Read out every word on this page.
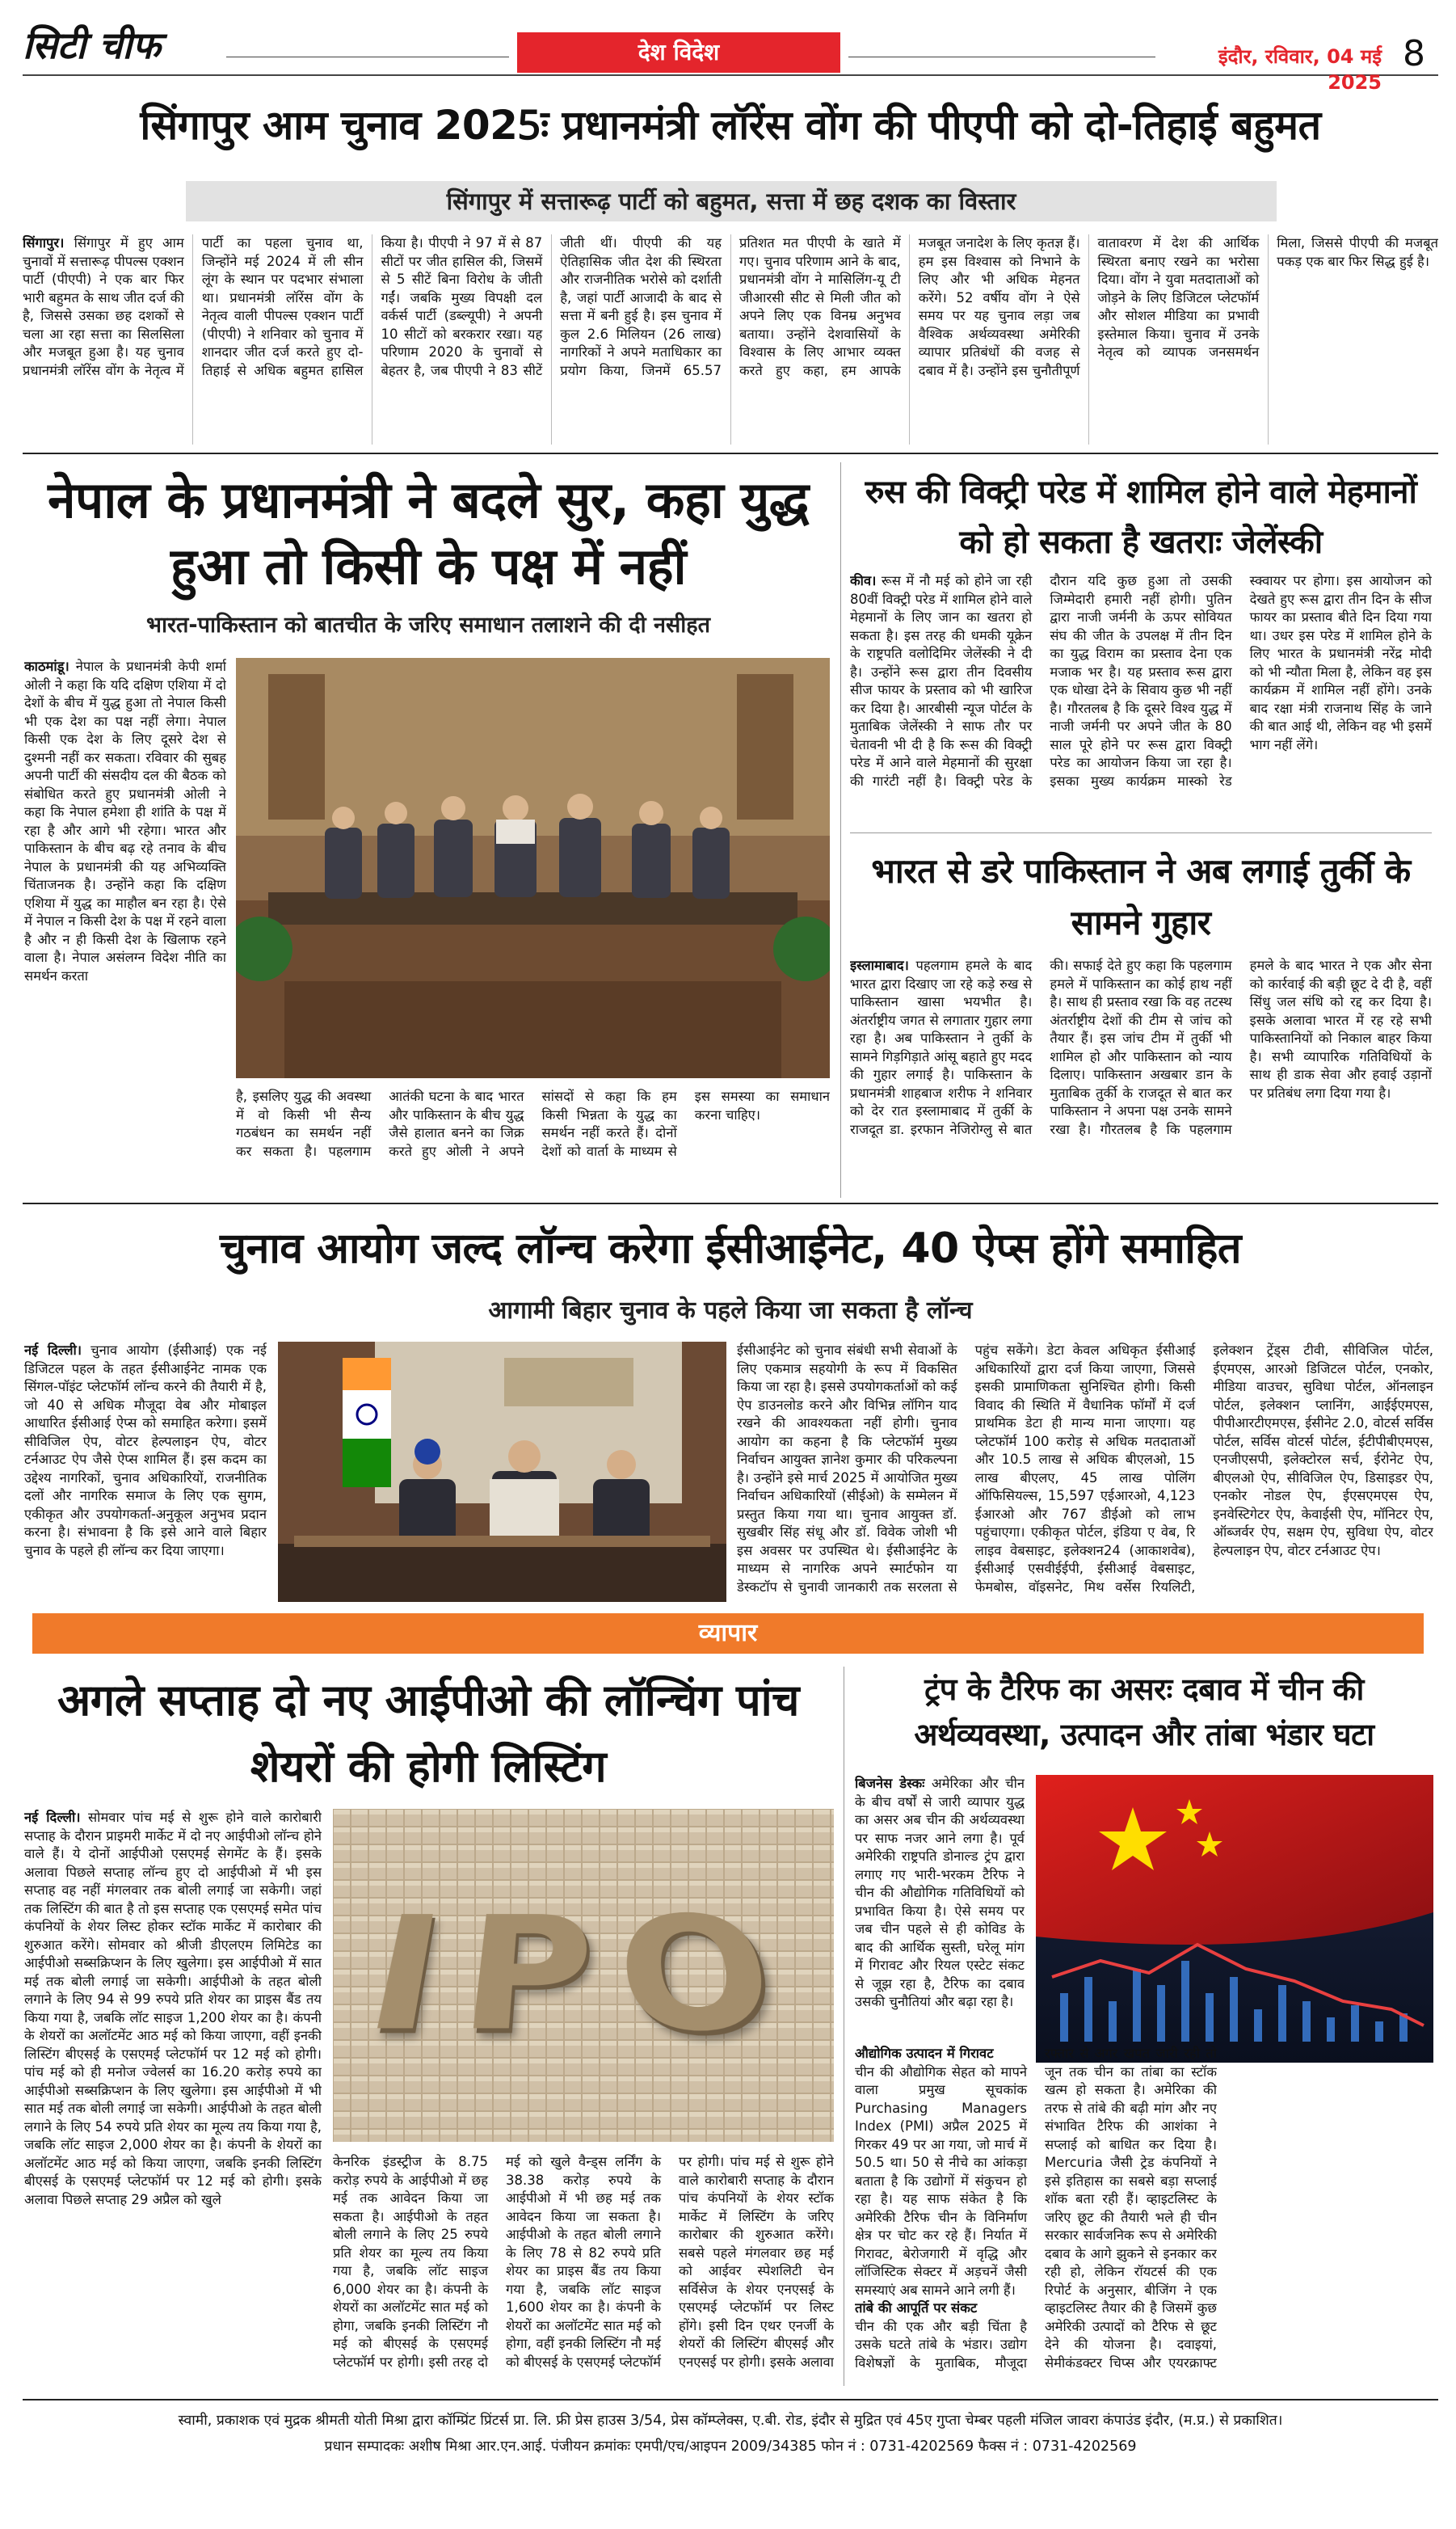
सिटी चीफ	देश विदेश	इंदौर, रविवार, 04 मई 2025
8
सिंगापुर आम चुनाव 2025ः प्रधानमंत्री लॉरेंस वोंग की पीएपी को दो-तिहाई बहुमत
सिंगापुर में सत्तारूढ़ पार्टी को बहुमत, सत्ता में छह दशक का विस्तार
सिंगापुर। सिंगापुर में हुए आम चुनावों में सत्तारूढ़ पीपल्स एक्शन पार्टी (पीएपी) ने एक बार फिर भारी बहुमत के साथ जीत दर्ज की है, जिससे उसका छह दशकों से चला आ रहा सत्ता का सिलसिला और मजबूत हुआ है। यह चुनाव प्रधानमंत्री लॉरेंस वोंग के नेतृत्व में पार्टी का पहला चुनाव था, जिन्होंने मई 2024 में ली सीन लूंग के स्थान पर पदभार संभाला था। प्रधानमंत्री लॉरेंस वोंग के नेतृत्व वाली पीपल्स एक्शन पार्टी (पीएपी) ने शनिवार को चुनाव में शानदार जीत दर्ज करते हुए दो-तिहाई से अधिक बहुमत हासिल किया है। पीएपी ने 97 में से 87 सीटों पर जीत हासिल की, जिसमें से 5 सीटें बिना विरोध के जीती गईं। जबकि मुख्य विपक्षी दल वर्कर्स पार्टी (डब्ल्यूपी) ने अपनी 10 सीटों को बरकरार रखा। यह परिणाम 2020 के चुनावों से बेहतर है, जब पीएपी ने 83 सीटें जीती थीं। पीएपी की यह ऐतिहासिक जीत देश की स्थिरता और राजनीतिक भरोसे को दर्शाती है, जहां पार्टी आजादी के बाद से सत्ता में बनी हुई है। इस चुनाव में कुल 2.6 मिलियन (26 लाख) नागरिकों ने अपने मताधिकार का प्रयोग किया, जिनमें 65.57 प्रतिशत मत पीएपी के खाते में गए। चुनाव परिणाम आने के बाद, प्रधानमंत्री वोंग ने मासिलिंग-यू टी जीआरसी सीट से मिली जीत को अपने लिए एक विनम्र अनुभव बताया। उन्होंने देशवासियों के विश्वास के लिए आभार व्यक्त करते हुए कहा, हम आपके मजबूत जनादेश के लिए कृतज्ञ हैं। हम इस विश्वास को निभाने के लिए और भी अधिक मेहनत करेंगे। 52 वर्षीय वोंग ने ऐसे समय पर यह चुनाव लड़ा जब वैश्विक अर्थव्यवस्था अमेरिकी व्यापार प्रतिबंधों की वजह से दबाव में है। उन्होंने इस चुनौतीपूर्ण वातावरण में देश की आर्थिक स्थिरता बनाए रखने का भरोसा दिया। वोंग ने युवा मतदाताओं को जोड़ने के लिए डिजिटल प्लेटफॉर्म और सोशल मीडिया का प्रभावी इस्तेमाल किया। चुनाव में उनके नेतृत्व को व्यापक जनसमर्थन मिला, जिससे पीएपी की मजबूत पकड़ एक बार फिर सिद्ध हुई है।
नेपाल के प्रधानमंत्री ने बदले सुर, कहा युद्ध हुआ तो किसी के पक्ष में नहीं
भारत-पाकिस्तान को बातचीत के जरिए समाधान तलाशने की दी नसीहत
काठमांडू। नेपाल के प्रधानमंत्री केपी शर्मा ओली ने कहा कि यदि दक्षिण एशिया में दो देशों के बीच में युद्ध हुआ तो नेपाल किसी भी एक देश का पक्ष नहीं लेगा। नेपाल किसी एक देश के लिए दूसरे देश से दुश्मनी नहीं कर सकता। रविवार की सुबह अपनी पार्टी की संसदीय दल की बैठक को संबोधित करते हुए प्रधानमंत्री ओली ने कहा कि नेपाल हमेशा ही शांति के पक्ष में रहा है और आगे भी रहेगा। भारत और पाकिस्तान के बीच बढ़ रहे तनाव के बीच नेपाल के प्रधानमंत्री की यह अभिव्यक्ति चिंताजनक है। उन्होंने कहा कि दक्षिण एशिया में युद्ध का माहौल बन रहा है। ऐसे में नेपाल न किसी देश के पक्ष में रहने वाला है और न ही किसी देश के खिलाफ रहने वाला है। नेपाल असंलग्न विदेश नीति का समर्थन करता
है, इसलिए युद्ध की अवस्था में वो किसी भी सैन्य गठबंधन का समर्थन नहीं कर सकता है। पहलगाम आतंकी घटना के बाद भारत और पाकिस्तान के बीच युद्ध जैसे हालात बनने का जिक्र करते हुए ओली ने अपने सांसदों से कहा कि हम किसी भिन्नता के युद्ध का समर्थन नहीं करते हैं। दोनों देशों को वार्ता के माध्यम से इस समस्या का समाधान करना चाहिए।
रुस की विक्ट्री परेड में शामिल होने वाले मेहमानों को हो सकता है खतराः जेलेंस्की
कीव। रूस में नौ मई को होने जा रही 80वीं विक्ट्री परेड में शामिल होने वाले मेहमानों के लिए जान का खतरा हो सकता है। इस तरह की धमकी यूक्रेन के राष्ट्रपति वलोदिमिर जेलेंस्की ने दी है। उन्होंने रूस द्वारा तीन दिवसीय सीज फायर के प्रस्ताव को भी खारिज कर दिया है। आरबीसी न्यूज पोर्टल के मुताबिक जेलेंस्की ने साफ तौर पर चेतावनी भी दी है कि रूस की विक्ट्री परेड में आने वाले मेहमानों की सुरक्षा की गारंटी नहीं है। विक्ट्री परेड के दौरान यदि कुछ हुआ तो उसकी जिम्मेदारी हमारी नहीं होगी। पुतिन द्वारा नाजी जर्मनी के ऊपर सोवियत संघ की जीत के उपलक्ष में तीन दिन का युद्ध विराम का प्रस्ताव देना एक मजाक भर है। यह प्रस्ताव रूस द्वारा एक धोखा देने के सिवाय कुछ भी नहीं है। गौरतलब है कि दूसरे विश्व युद्ध में नाजी जर्मनी पर अपने जीत के 80 साल पूरे होने पर रूस द्वारा विक्ट्री परेड का आयोजन किया जा रहा है। इसका मुख्य कार्यक्रम मास्को रेड स्क्वायर पर होगा। इस आयोजन को देखते हुए रूस द्वारा तीन दिन के सीज फायर का प्रस्ताव बीते दिन दिया गया था। उधर इस परेड में शामिल होने के लिए भारत के प्रधानमंत्री नरेंद्र मोदी को भी न्यौता मिला है, लेकिन वह इस कार्यक्रम में शामिल नहीं होंगे। उनके बाद रक्षा मंत्री राजनाथ सिंह के जाने की बात आई थी, लेकिन वह भी इसमें भाग नहीं लेंगे।
भारत से डरे पाकिस्तान ने अब लगाई तुर्की के सामने गुहार
इस्लामाबाद। पहलगाम हमले के बाद भारत द्वारा दिखाए जा रहे कड़े रुख से पाकिस्तान खासा भयभीत है। अंतर्राष्ट्रीय जगत से लगातार गुहार लगा रहा है। अब पाकिस्तान ने तुर्की के सामने गिड़गिड़ाते आंसू बहाते हुए मदद की गुहार लगाई है। पाकिस्तान के प्रधानमंत्री शाहबाज शरीफ ने शनिवार को देर रात इस्लामाबाद में तुर्की के राजदूत डा. इरफान नेजिरोग्लु से बात की। सफाई देते हुए कहा कि पहलगाम हमले में पाकिस्तान का कोई हाथ नहीं है। साथ ही प्रस्ताव रखा कि वह तटस्थ अंतर्राष्ट्रीय देशों की टीम से जांच को तैयार हैं। इस जांच टीम में तुर्की भी शामिल हो और पाकिस्तान को न्याय दिलाए। पाकिस्तान अखबार डान के मुताबिक तुर्की के राजदूत से बात कर पाकिस्तान ने अपना पक्ष उनके सामने रखा है। गौरतलब है कि पहलगाम हमले के बाद भारत ने एक और सेना को कार्रवाई की बड़ी छूट दे दी है, वहीं सिंधु जल संधि को रद्द कर दिया है। इसके अलावा भारत में रह रहे सभी पाकिस्तानियों को निकाल बाहर किया है। सभी व्यापारिक गतिविधियों के साथ ही डाक सेवा और हवाई उड़ानों पर प्रतिबंध लगा दिया गया है।
चुनाव आयोग जल्द लॉन्च करेगा ईसीआईनेट, 40 ऐप्स होंगे समाहित
आगामी बिहार चुनाव के पहले किया जा सकता है लॉन्च
नई दिल्ली। चुनाव आयोग (ईसीआई) एक नई डिजिटल पहल के तहत ईसीआईनेट नामक एक सिंगल-पॉइंट प्लेटफॉर्म लॉन्च करने की तैयारी में है, जो 40 से अधिक मौजूदा वेब और मोबाइल आधारित ईसीआई ऐप्स को समाहित करेगा। इसमें सीविजिल ऐप, वोटर हेल्पलाइन ऐप, वोटर टर्नआउट ऐप जैसे ऐप्स शामिल हैं। इस कदम का उद्देश्य नागरिकों, चुनाव अधिकारियों, राजनीतिक दलों और नागरिक समाज के लिए एक सुगम, एकीकृत और उपयोगकर्ता-अनुकूल अनुभव प्रदान करना है। संभावना है कि इसे आने वाले बिहार चुनाव के पहले ही लॉन्च कर दिया जाएगा।
ईसीआईनेट को चुनाव संबंधी सभी सेवाओं के लिए एकमात्र सहयोगी के रूप में विकसित किया जा रहा है। इससे उपयोगकर्ताओं को कई ऐप डाउनलोड करने और विभिन्न लॉगिन याद रखने की आवश्यकता नहीं होगी। चुनाव आयोग का कहना है कि प्लेटफॉर्म मुख्य निर्वाचन आयुक्त ज्ञानेश कुमार की परिकल्पना है। उन्होंने इसे मार्च 2025 में आयोजित मुख्य निर्वाचन अधिकारियों (सीईओ) के सम्मेलन में प्रस्तुत किया गया था। चुनाव आयुक्त डॉ. सुखबीर सिंह संधू और डॉ. विवेक जोशी भी इस अवसर पर उपस्थित थे। ईसीआईनेट के माध्यम से नागरिक अपने स्मार्टफोन या डेस्कटॉप से चुनावी जानकारी तक सरलता से पहुंच सकेंगे। डेटा केवल अधिकृत ईसीआई अधिकारियों द्वारा दर्ज किया जाएगा, जिससे इसकी प्रामाणिकता सुनिश्चित होगी। किसी विवाद की स्थिति में वैधानिक फॉर्मों में दर्ज प्राथमिक डेटा ही मान्य माना जाएगा। यह प्लेटफॉर्म 100 करोड़ से अधिक मतदाताओं और 10.5 लाख से अधिक बीएलओ, 15 लाख बीएलए, 45 लाख पोलिंग ऑफिसियल्स, 15,597 एईआरओ, 4,123 ईआरओ और 767 डीईओ को लाभ पहुंचाएगा। एकीकृत पोर्टल, इंडिया ए वेब, रि लाइव वेबसाइट, इलेक्शन24 (आकाशवेब), ईसीआई एसवीईईपी, ईसीआई वेबसाइट, फेमबोस, वॉइसनेट, मिथ वर्सेस रियलिटी, इलेक्शन ट्रेंड्स टीवी, सीविजिल पोर्टल, ईएमएस, आरओ डिजिटल पोर्टल, एनकोर, मीडिया वाउचर, सुविधा पोर्टल, ऑनलाइन पोर्टल, इलेक्शन प्लानिंग, आईईएमएस, पीपीआरटीएमएस, ईसीनेट 2.0, वोटर्स सर्विस पोर्टल, सर्विस वोटर्स पोर्टल, ईटीपीबीएमएस, एनजीएसपी, इलेक्टोरल सर्च, ईरोनेट ऐप, बीएलओ ऐप, सीविजिल ऐप, डिसाइडर ऐप, एनकोर नोडल ऐप, ईएसएमएस ऐप, इनवेस्टिगेटर ऐप, केवाईसी ऐप, मॉनिटर ऐप, ऑब्जर्वर ऐप, सक्षम ऐप, सुविधा ऐप, वोटर हेल्पलाइन ऐप, वोटर टर्नआउट ऐप।
व्यापार
अगले सप्ताह दो नए आईपीओ की लॉन्चिंग पांच शेयरों की होगी लिस्टिंग
नई दिल्ली। सोमवार पांच मई से शुरू होने वाले कारोबारी सप्ताह के दौरान प्राइमरी मार्केट में दो नए आईपीओ लॉन्च होने वाले हैं। ये दोनों आईपीओ एसएमई सेगमेंट के हैं। इसके अलावा पिछले सप्ताह लॉन्च हुए दो आईपीओ में भी इस सप्ताह वह नहीं मंगलवार तक बोली लगाई जा सकेगी। जहां तक लिस्टिंग की बात है तो इस सप्ताह एक एसएमई समेत पांच कंपनियों के शेयर लिस्ट होकर स्टॉक मार्केट में कारोबार की शुरुआत करेंगे। सोमवार को श्रीजी डीएलएम लिमिटेड का आईपीओ सब्सक्रिप्शन के लिए खुलेगा। इस आईपीओ में सात मई तक बोली लगाई जा सकेगी। आईपीओ के तहत बोली लगाने के लिए 94 से 99 रुपये प्रति शेयर का प्राइस बैंड तय किया गया है, जबकि लॉट साइज 1,200 शेयर का है। कंपनी के शेयरों का अलॉटमेंट आठ मई को किया जाएगा, वहीं इनकी लिस्टिंग बीएसई के एसएमई प्लेटफॉर्म पर 12 मई को होगी। पांच मई को ही मनोज ज्वेलर्स का 16.20 करोड़ रुपये का आईपीओ सब्सक्रिप्शन के लिए खुलेगा। इस आईपीओ में भी सात मई तक बोली लगाई जा सकेगी। आईपीओ के तहत बोली लगाने के लिए 54 रुपये प्रति शेयर का मूल्य तय किया गया है, जबकि लॉट साइज 2,000 शेयर का है। कंपनी के शेयरों का अलॉटमेंट आठ मई को किया जाएगा, जबकि इनकी लिस्टिंग बीएसई के एसएमई प्लेटफॉर्म पर 12 मई को होगी। इसके अलावा पिछले सप्ताह 29 अप्रैल को खुले
IPO
केनरिक इंडस्ट्रीज के 8.75 करोड़ रुपये के आईपीओ में छह मई तक आवेदन किया जा सकता है। आईपीओ के तहत बोली लगाने के लिए 25 रुपये प्रति शेयर का मूल्य तय किया गया है, जबकि लॉट साइज 6,000 शेयर का है। कंपनी के शेयरों का अलॉटमेंट सात मई को होगा, जबकि इनकी लिस्टिंग नौ मई को बीएसई के एसएमई प्लेटफॉर्म पर होगी। इसी तरह दो मई को खुले वैन्ड्स लर्निंग के 38.38 करोड़ रुपये के आईपीओ में भी छह मई तक आवेदन किया जा सकता है। आईपीओ के तहत बोली लगाने के लिए 78 से 82 रुपये प्रति शेयर का प्राइस बैंड तय किया गया है, जबकि लॉट साइज 1,600 शेयर का है। कंपनी के शेयरों का अलॉटमेंट सात मई को होगा, वहीं इनकी लिस्टिंग नौ मई को बीएसई के एसएमई प्लेटफॉर्म पर होगी। पांच मई से शुरू होने वाले कारोबारी सप्ताह के दौरान पांच कंपनियों के शेयर स्टॉक मार्केट में लिस्टिंग के जरिए कारोबार की शुरुआत करेंगे। सबसे पहले मंगलवार छह मई को आईवर स्पेशलिटी चेन सर्विसेज के शेयर एनएसई के एसएमई प्लेटफॉर्म पर लिस्ट होंगे। इसी दिन एथर एनर्जी के शेयरों की लिस्टिंग बीएसई और एनएसई पर होगी। इसके अलावा
ट्रंप के टैरिफ का असरः दबाव में चीन की अर्थव्यवस्था, उत्पादन और तांबा भंडार घटा
बिजनेस डेस्कः अमेरिका और चीन के बीच वर्षों से जारी व्यापार युद्ध का असर अब चीन की अर्थव्यवस्था पर साफ नजर आने लगा है। पूर्व अमेरिकी राष्ट्रपति डोनाल्ड ट्रंप द्वारा लगाए गए भारी-भरकम टैरिफ ने चीन की औद्योगिक गतिविधियों को प्रभावित किया है। ऐसे समय पर जब चीन पहले से ही कोविड के बाद की आर्थिक सुस्ती, घरेलू मांग में गिरावट और रियल एस्टेट संकट से जूझ रहा है, टैरिफ का दबाव उसकी चुनौतियां और बढ़ा रहा है।
औद्योगिक उत्पादन में गिरावट
चीन की औद्योगिक सेहत को मापने वाला प्रमुख सूचकांक Purchasing Managers Index (PMI) अप्रैल 2025 में गिरकर 49 पर आ गया, जो मार्च में 50.5 था। 50 से नीचे का आंकड़ा बताता है कि उद्योगों में संकुचन हो रहा है। यह साफ संकेत है कि अमेरिकी टैरिफ चीन के विनिर्माण क्षेत्र पर चोट कर रहे हैं। निर्यात में गिरावट, बेरोजगारी में वृद्धि और लॉजिस्टिक सेक्टर में अड़चनें जैसी समस्याएं अब सामने आने लगी हैं।
तांबे की आपूर्ति पर संकट
चीन की एक और बड़ी चिंता है उसके घटते तांबे के भंडार। उद्योग विशेषज्ञों के मुताबिक, मौजूदा रफ्तार से अगर खपत जारी रही तो जून तक चीन का तांबा का स्टॉक खत्म हो सकता है। अमेरिका की तरफ से तांबे की बढ़ी मांग और नए संभावित टैरिफ की आशंका ने सप्लाई को बाधित कर दिया है। Mercuria जैसी ट्रेड कंपनियों ने इसे इतिहास का सबसे बड़ा सप्लाई शॉक बता रही हैं। व्हाइटलिस्ट के जरिए छूट की तैयारी भले ही चीन सरकार सार्वजनिक रूप से अमेरिकी दबाव के आगे झुकने से इनकार कर रही हो, लेकिन रॉयटर्स की एक रिपोर्ट के अनुसार, बीजिंग ने एक व्हाइटलिस्ट तैयार की है जिसमें कुछ अमेरिकी उत्पादों को टैरिफ से छूट देने की योजना है। दवाइयां, सेमीकंडक्टर चिप्स और एयरक्राफ्ट
स्वामी, प्रकाशक एवं मुद्रक श्रीमती योती मिश्रा द्वारा कॉम्प्रिंट प्रिंटर्स प्रा. लि. फ्री प्रेस हाउस 3/54, प्रेस कॉम्प्लेक्स, ए.बी. रोड, इंदौर से मुद्रित एवं 45ए गुप्ता चेम्बर पहली मंजिल जावरा कंपाउंड इंदौर, (म.प्र.) से प्रकाशित।
प्रधान सम्पादकः अशीष मिश्रा आर.एन.आई. पंजीयन क्रमांकः एमपी/एच/आइपन 2009/34385 फोन नं : 0731-4202569 फैक्स नं : 0731-4202569
